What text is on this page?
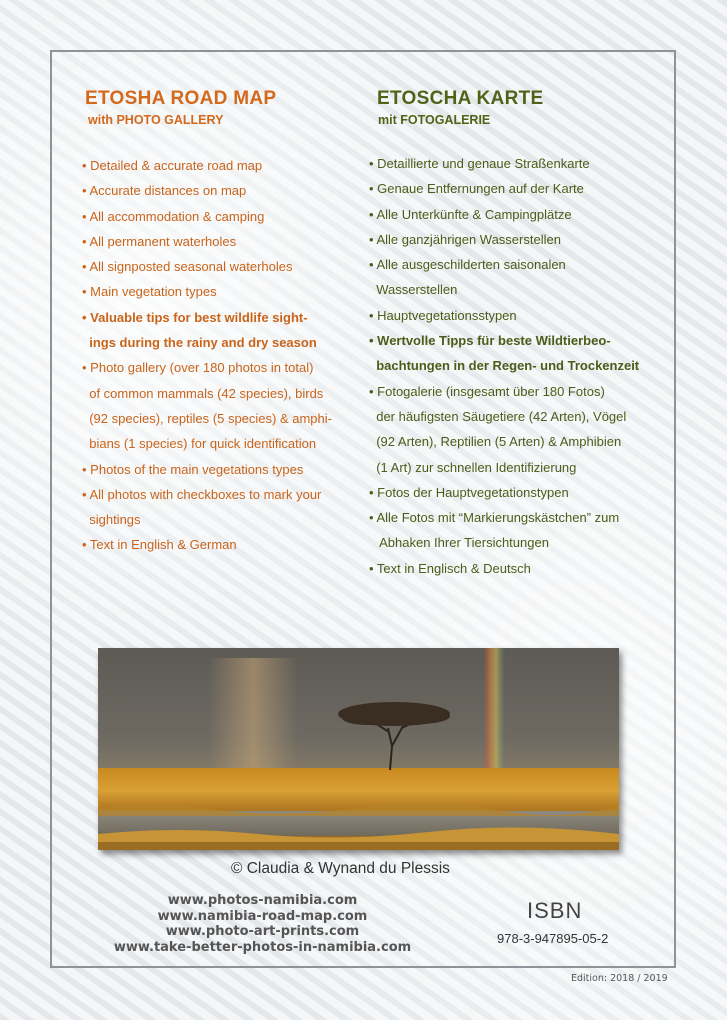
ETOSHA ROAD MAP
with PHOTO GALLERY
ETOSCHA KARTE
mit FOTOGALERIE
• Detailed & accurate road map
• Accurate distances on map
• All accommodation & camping
• All permanent waterholes
• All signposted seasonal waterholes
• Main vegetation types
• Valuable tips for best wildlife sight-
ings during the rainy and dry season
• Photo gallery (over 180 photos in total)
of common mammals (42 species), birds
(92 species), reptiles (5 species) & amphi-
bians (1 species) for quick identification
• Photos of the main vegetations types
• All photos with checkboxes to mark your
sightings
• Text in English & German
• Detaillierte und genaue Straßenkarte
• Genaue Entfernungen auf der Karte
• Alle Unterkünfte & Campingplätze
• Alle ganzjährigen Wasserstellen
• Alle ausgeschilderten saisonalen
Wasserstellen
• Hauptvegetationsstypen
• Wertvolle Tipps für beste Wildtierbeo-
bachtungen in der Regen- und Trockenzeit
• Fotogalerie (insgesamt über 180 Fotos)
der häufigsten Säugetiere (42 Arten), Vögel
(92 Arten), Reptilien (5 Arten) & Amphibien
(1 Art) zur schnellen Identifizierung
• Fotos der Hauptvegetationstypen
• Alle Fotos mit “Markierungskästchen” zum
Abhaken Ihrer Tiersichtungen
• Text in Englisch & Deutsch
© Claudia & Wynand du Plessis
www.photos-namibia.com
www.namibia-road-map.com
www.photo-art-prints.com
www.take-better-photos-in-namibia.com
ISBN
978-3-947895-05-2
Edition: 2018 / 2019
